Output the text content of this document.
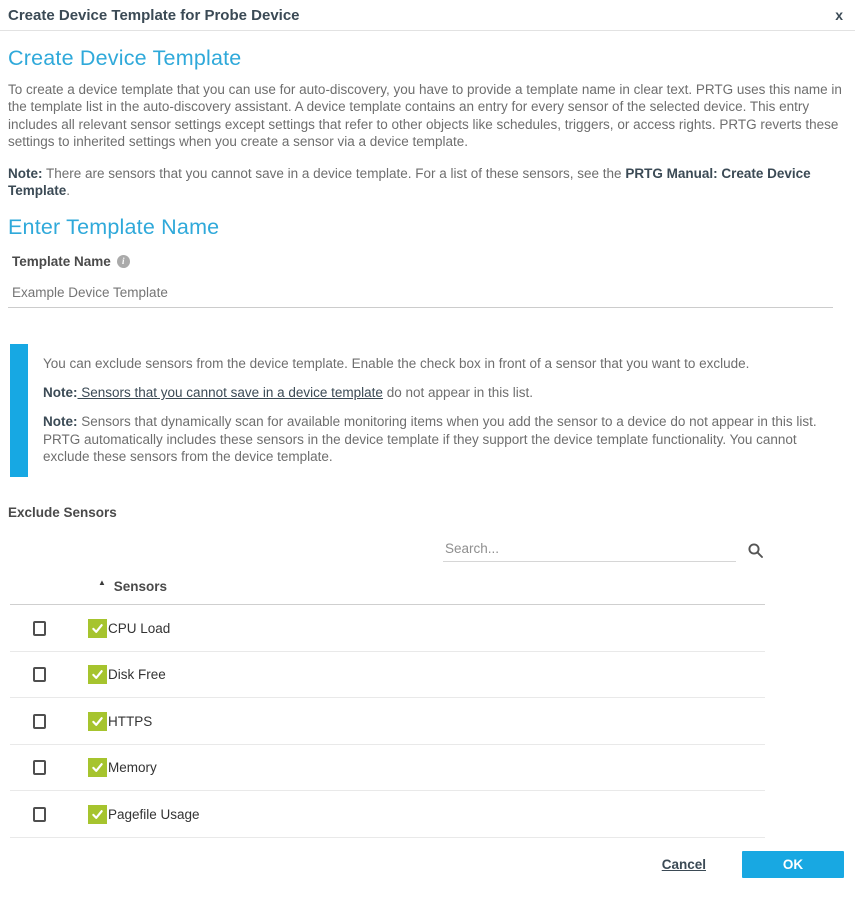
Create Device Template for Probe Device	x
Create Device Template

To create a device template that you can use for auto-discovery, you have to provide a template name in clear text. PRTG uses this name in the template list in the auto-discovery assistant. A device template contains an entry for every sensor of the selected device. This entry includes all relevant sensor settings except settings that refer to other objects like schedules, triggers, or access rights. PRTG reverts these settings to inherited settings when you create a sensor via a device template.

Note: There are sensors that you cannot save in a device template. For a list of these sensors, see the PRTG Manual: Create Device Template.

Enter Template Name
Template Name	i
Example Device Template

You can exclude sensors from the device template. Enable the check box in front of a sensor that you want to exclude.

Note: Sensors that you cannot save in a device template do not appear in this list.

Note: Sensors that dynamically scan for available monitoring items when you add the sensor to a device do not appear in this list. PRTG automatically includes these sensors in the device template if they support the device template functionality. You cannot exclude these sensors from the device template.

Exclude Sensors

Search...
▲ Sensors
CPU Load
Disk Free
HTTPS
Memory
Pagefile Usage
Cancel	OK
